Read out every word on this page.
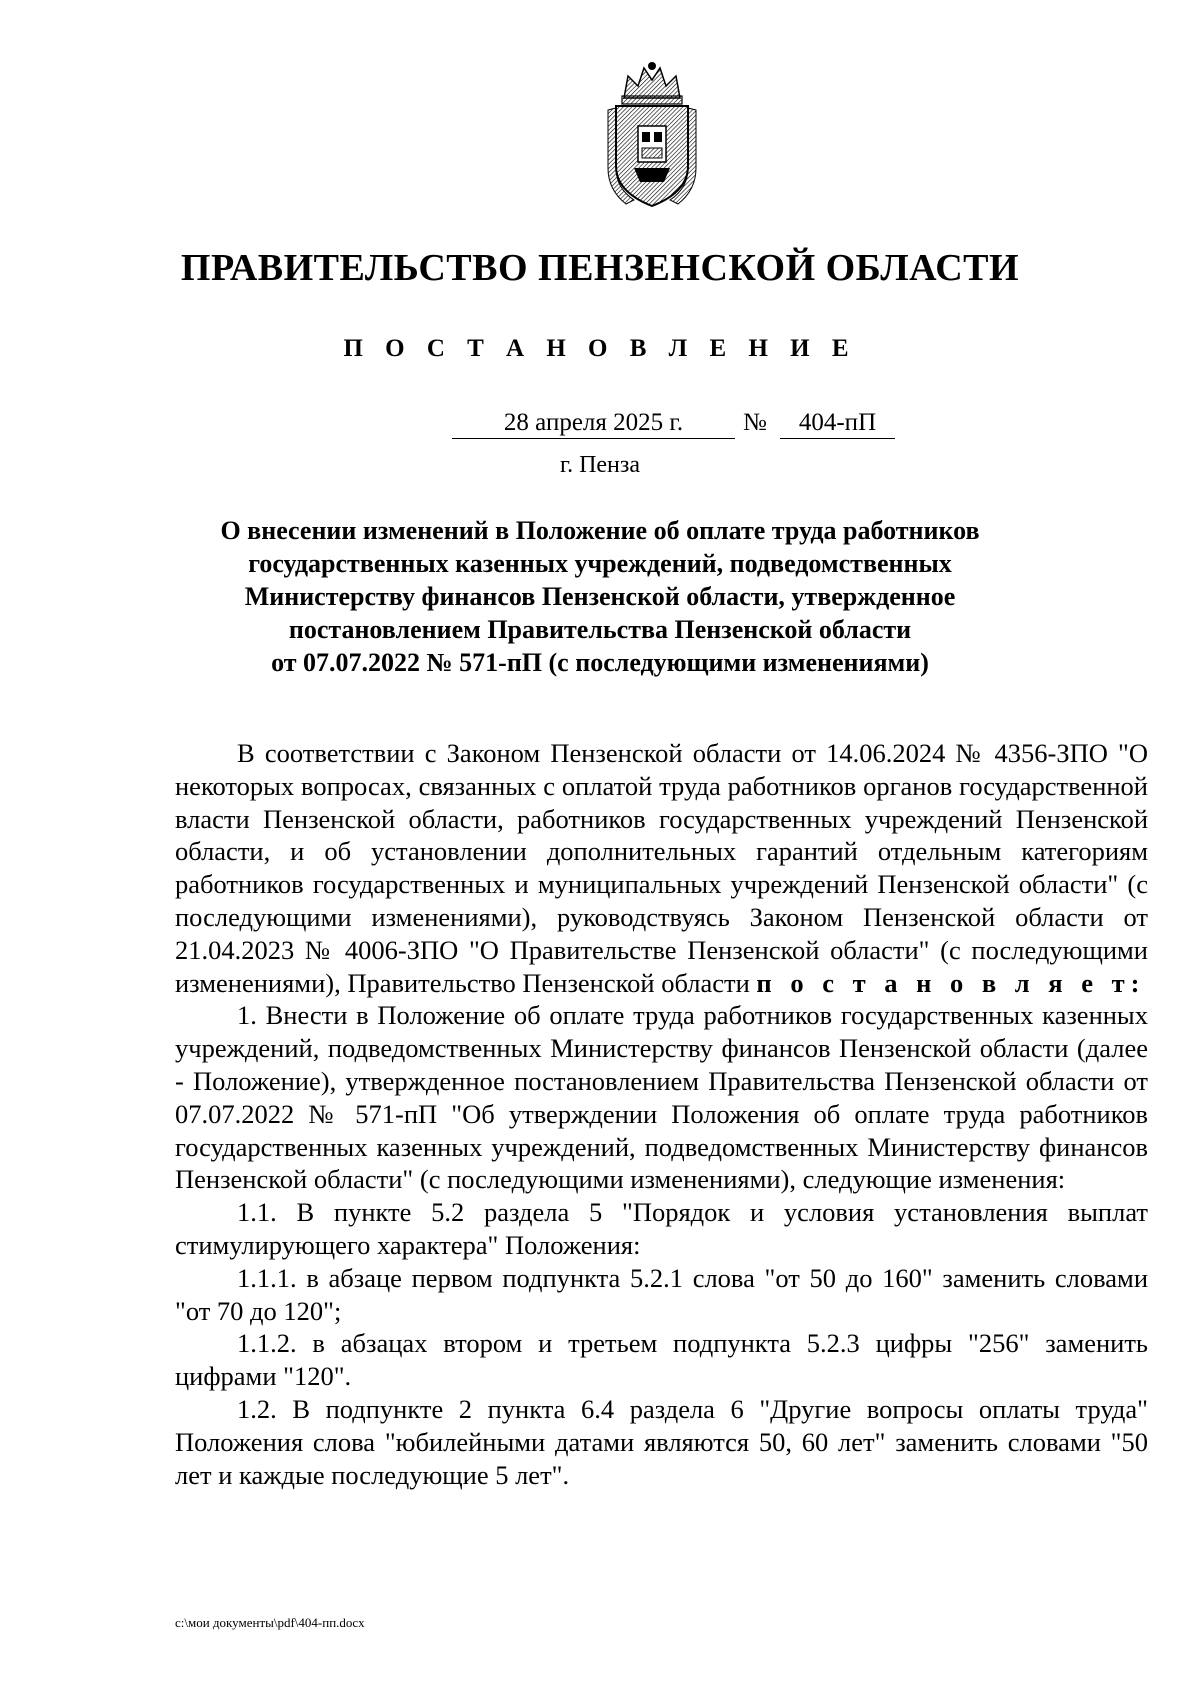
ПРАВИТЕЛЬСТВО ПЕНЗЕНСКОЙ ОБЛАСТИ
П О С Т А Н О В Л Е Н И Е
28 апреля 2025 г.	№	404-пП
г. Пенза
О внесении изменений в Положение об оплате труда работников
государственных казенных учреждений, подведомственных
Министерству финансов Пензенской области, утвержденное
постановлением Правительства Пензенской области
от 07.07.2022 № 571-пП (с последующими изменениями)

В соответствии с Законом Пензенской области от 14.06.2024 № 4356-ЗПО "О некоторых вопросах, связанных с оплатой труда работников органов государственной власти Пензенской области, работников государственных учреждений Пензенской области, и об установлении дополнительных гарантий отдельным категориям работников государственных и муниципальных учреждений Пензенской области" (с последующими изменениями), руководствуясь Законом Пензенской области от 21.04.2023 № 4006-ЗПО "О Правительстве Пензенской области" (с последующими изменениями), Правительство Пензенской области п о с т а н о в л я е т:

1. Внести в Положение об оплате труда работников государственных казенных учреждений, подведомственных Министерству финансов Пензенской области (далее - Положение), утвержденное постановлением Правительства Пензенской области от 07.07.2022 № 571-пП "Об утверждении Положения об оплате труда работников государственных казенных учреждений, подведомственных Министерству финансов Пензенской области" (с последующими изменениями), следующие изменения:

1.1. В пункте 5.2 раздела 5 "Порядок и условия установления выплат стимулирующего характера" Положения:

1.1.1. в абзаце первом подпункта 5.2.1 слова "от 50 до 160" заменить словами "от 70 до 120";

1.1.2. в абзацах втором и третьем подпункта 5.2.3 цифры "256" заменить цифрами "120".

1.2. В подпункте 2 пункта 6.4 раздела 6 "Другие вопросы оплаты труда" Положения слова "юбилейными датами являются 50, 60 лет" заменить словами "50 лет и каждые последующие 5 лет".

c:\мои документы\pdf\404-пп.docx
